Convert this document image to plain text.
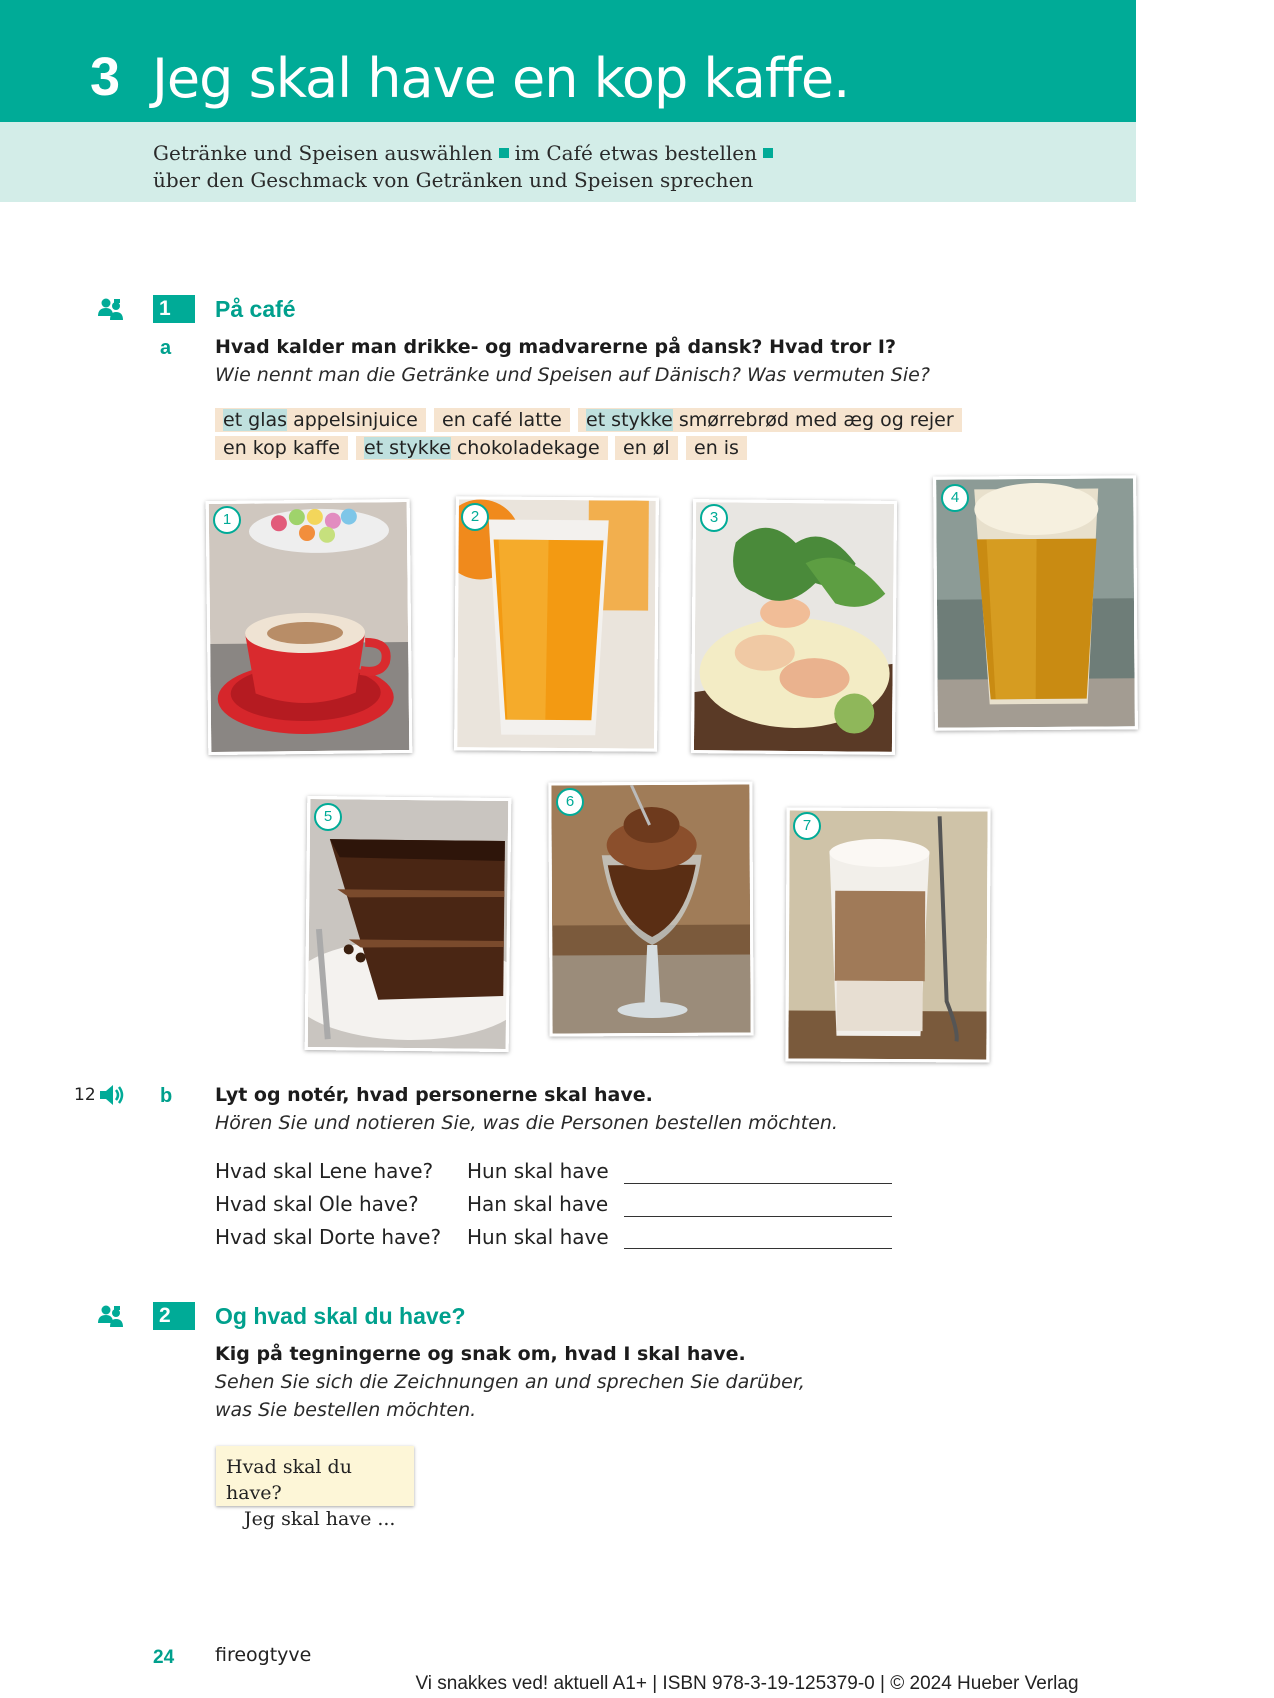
3 Jeg skal have en kop kaffe.
Getränke und Speisen auswählen im Café etwas bestellen
über den Geschmack von Getränken und Speisen sprechen
1	På café
a Hvad kalder man drikke- og madvarerne på dansk? Hvad tror I?
Wie nennt man die Getränke und Speisen auf Dänisch? Was vermuten Sie?
et glas appelsinjuice	en café latte	et stykke smørrebrød med æg og rejer
en kop kaffe	et stykke chokoladekage	en øl	en is
1	2	3
4
5
6
7
12	b Lyt og notér, hvad personerne skal have.
Hören Sie und notieren Sie, was die Personen bestellen möchten.
Hvad skal Lene have? Hun skal have
Hvad skal Ole have? Han skal have
Hvad skal Dorte have? Hun skal have
2	Og hvad skal du have?
Kig på tegningerne og snak om, hvad I skal have.
Sehen Sie sich die Zeichnungen an und sprechen Sie darüber,
was Sie bestellen möchten.
Hvad skal du have?
Jeg skal have ...
24 fireogtyve
Vi snakkes ved! aktuell A1+ | ISBN 978-3-19-125379-0 | © 2024 Hueber Verlag
